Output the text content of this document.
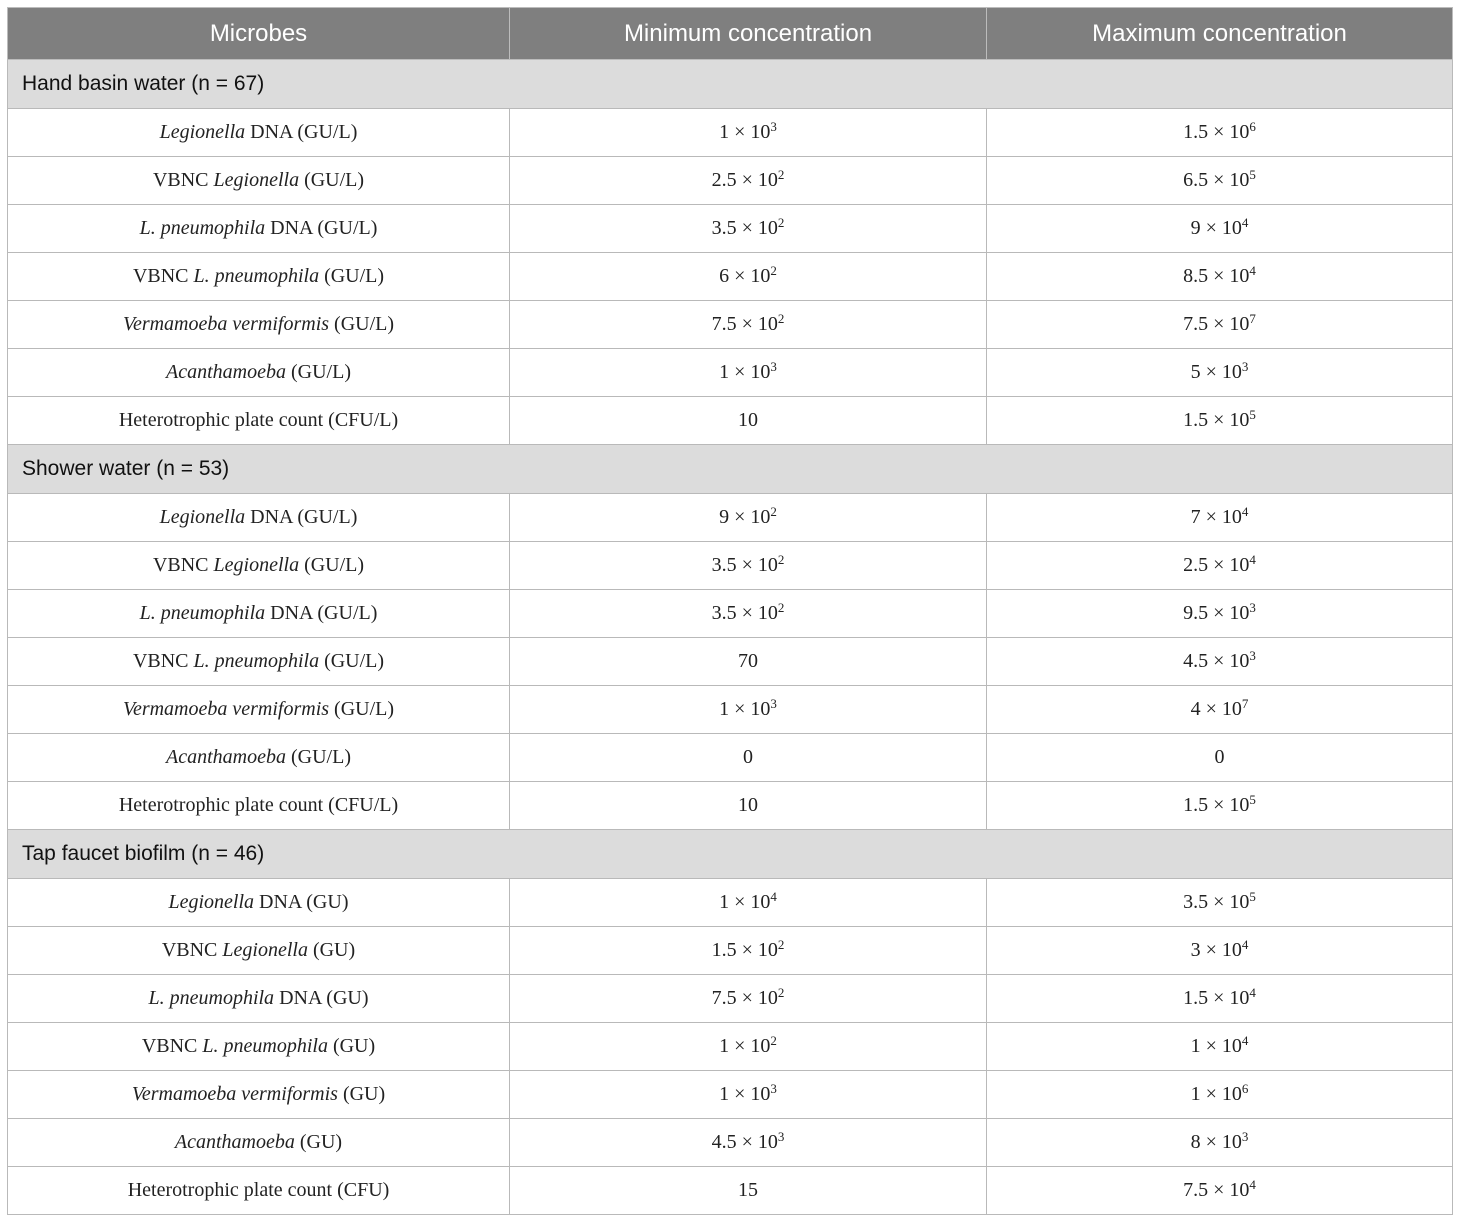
Microbes	Minimum concentration	Maximum concentration
Hand basin water (n = 67)		
Legionella DNA (GU/L)	$1 \times 10^3$	$1.5 \times 10^6$
VBNC Legionella (GU/L)	$2.5 \times 10^2$	$6.5 \times 10^5$
L. pneumophila DNA (GU/L)	$3.5 \times 10^2$	$9 \times 10^4$
VBNC L. pneumophila (GU/L)	$6 \times 10^2$	$8.5 \times 10^4$
Vermamoeba vermiformis (GU/L)	$7.5 \times 10^2$	$7.5 \times 10^7$
Acanthamoeba (GU/L)	$1 \times 10^3$	$5 \times 10^3$
Heterotrophic plate count (CFU/L)	10	$1.5 \times 10^5$
Shower water (n = 53)		
Legionella DNA (GU/L)	$9 \times 10^2$	$7 \times 10^4$
VBNC Legionella (GU/L)	$3.5 \times 10^2$	$2.5 \times 10^4$
L. pneumophila DNA (GU/L)	$3.5 \times 10^2$	$9.5 \times 10^3$
VBNC L. pneumophila (GU/L)	70	$4.5 \times 10^3$
Vermamoeba vermiformis (GU/L)	$1 \times 10^3$	$4 \times 10^7$
Acanthamoeba (GU/L)	0	0
Heterotrophic plate count (CFU/L)	10	$1.5 \times 10^5$
Tap faucet biofilm (n = 46)		
Legionella DNA (GU)	$1 \times 10^4$	$3.5 \times 10^5$
VBNC Legionella (GU)	$1.5 \times 10^2$	$3 \times 10^4$
L. pneumophila DNA (GU)	$7.5 \times 10^2$	$1.5 \times 10^4$
VBNC L. pneumophila (GU)	$1 \times 10^2$	$1 \times 10^4$
Vermamoeba vermiformis (GU)	$1 \times 10^3$	$1 \times 10^6$
Acanthamoeba (GU)	$4.5 \times 10^3$	$8 \times 10^3$
Heterotrophic plate count (CFU)	15	$7.5 \times 10^4$
